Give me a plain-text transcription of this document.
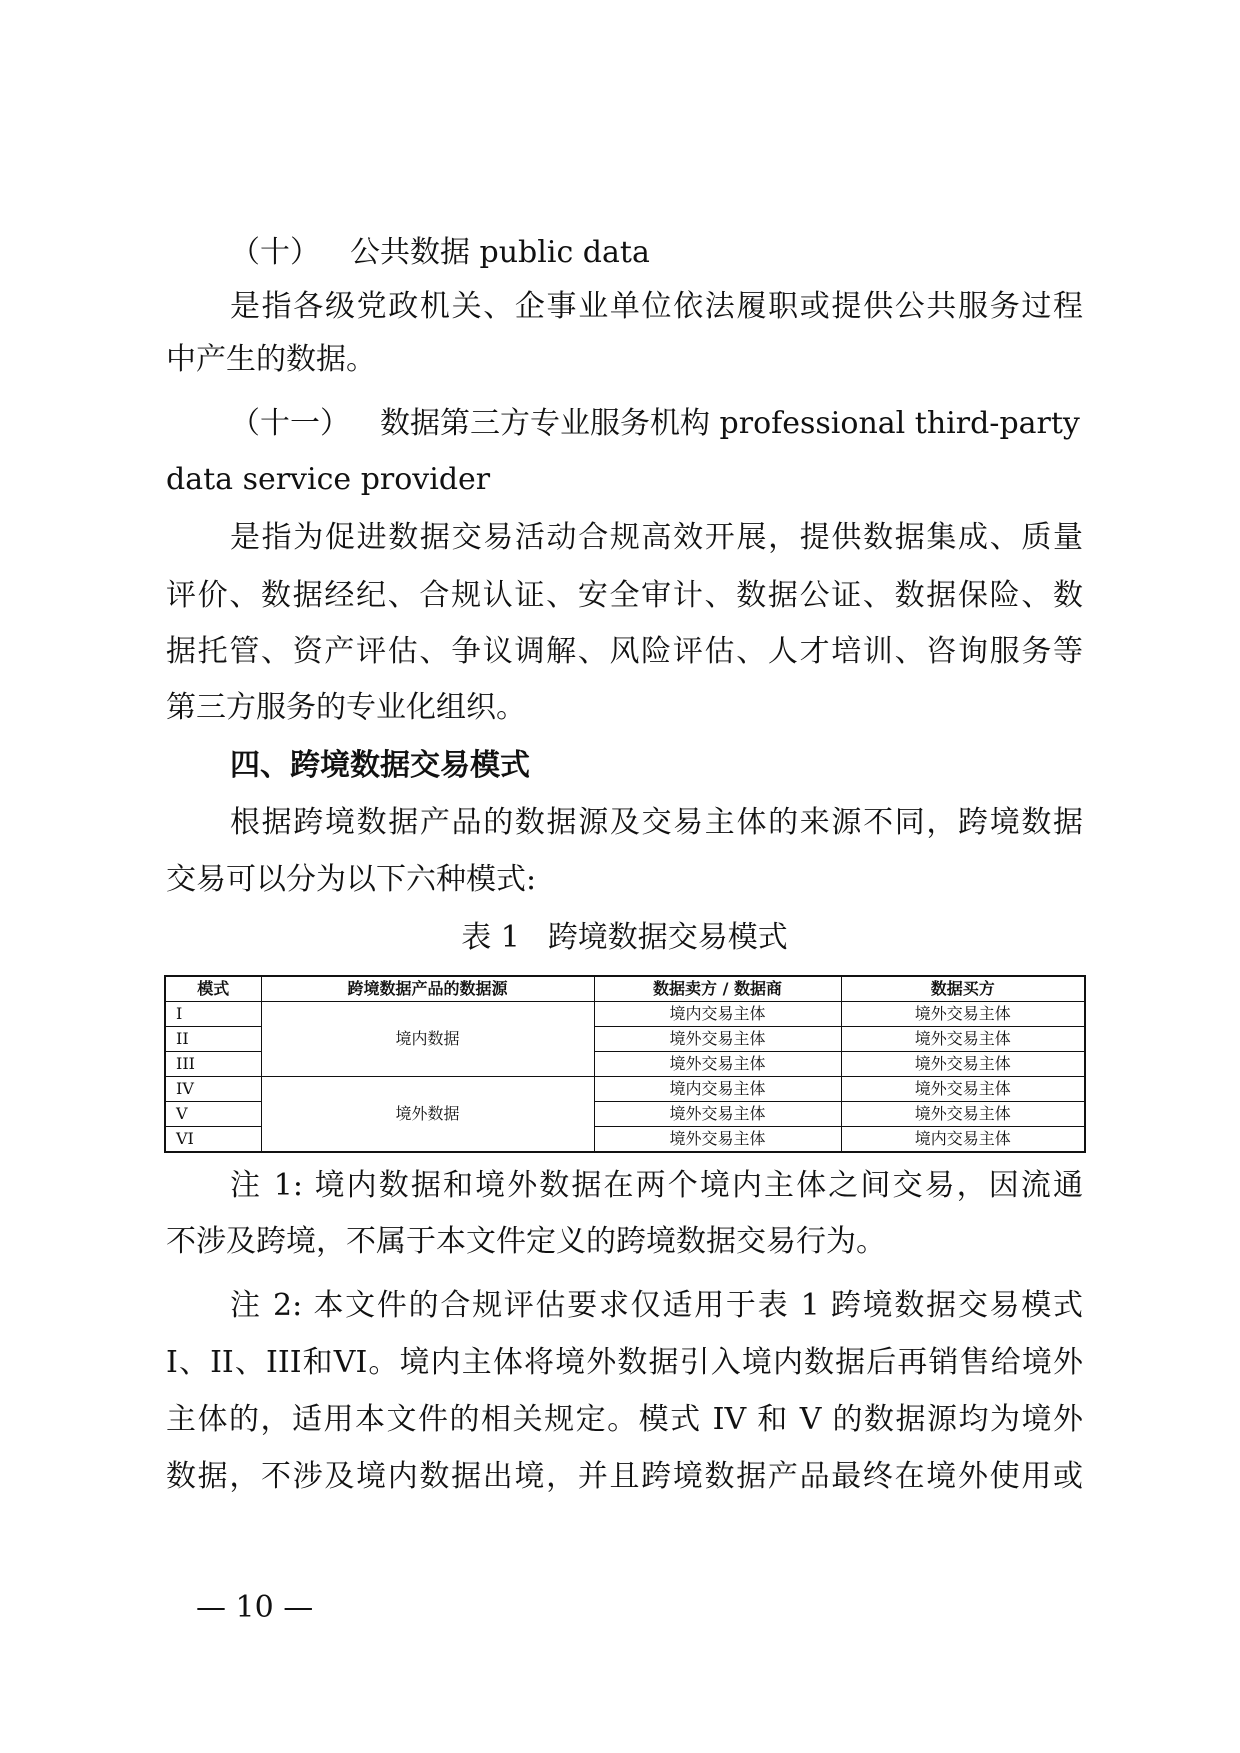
（十） 公共数据 public data

是指各级党政机关、企事业单位依法履职或提供公共服务过程

中产生的数据。

（十一） 数据第三方专业服务机构 professional third-party

data service provider

是指为促进数据交易活动合规高效开展，提供数据集成、质量

评价、数据经纪、合规认证、安全审计、数据公证、数据保险、数

据托管、资产评估、争议调解、风险评估、人才培训、咨询服务等

第三方服务的专业化组织。

四、跨境数据交易模式

根据跨境数据产品的数据源及交易主体的来源不同，跨境数据

交易可以分为以下六种模式:

表 1 跨境数据交易模式

模式	跨境数据产品的数据源	数据卖方 / 数据商	数据买方
I	境内数据	境内交易主体	境外交易主体
II		境外交易主体	境外交易主体
III		境外交易主体	境外交易主体
IV	境外数据	境内交易主体	境外交易主体
V		境外交易主体	境外交易主体
VI		境外交易主体	境内交易主体

注 1: 境内数据和境外数据在两个境内主体之间交易，因流通

不涉及跨境，不属于本文件定义的跨境数据交易行为。

注 2: 本文件的合规评估要求仅适用于表 1 跨境数据交易模式

I、II、III和VI。境内主体将境外数据引入境内数据后再销售给境外

主体的，适用本文件的相关规定。模式 IV 和 V 的数据源均为境外

数据，不涉及境内数据出境，并且跨境数据产品最终在境外使用或

— 10 —
